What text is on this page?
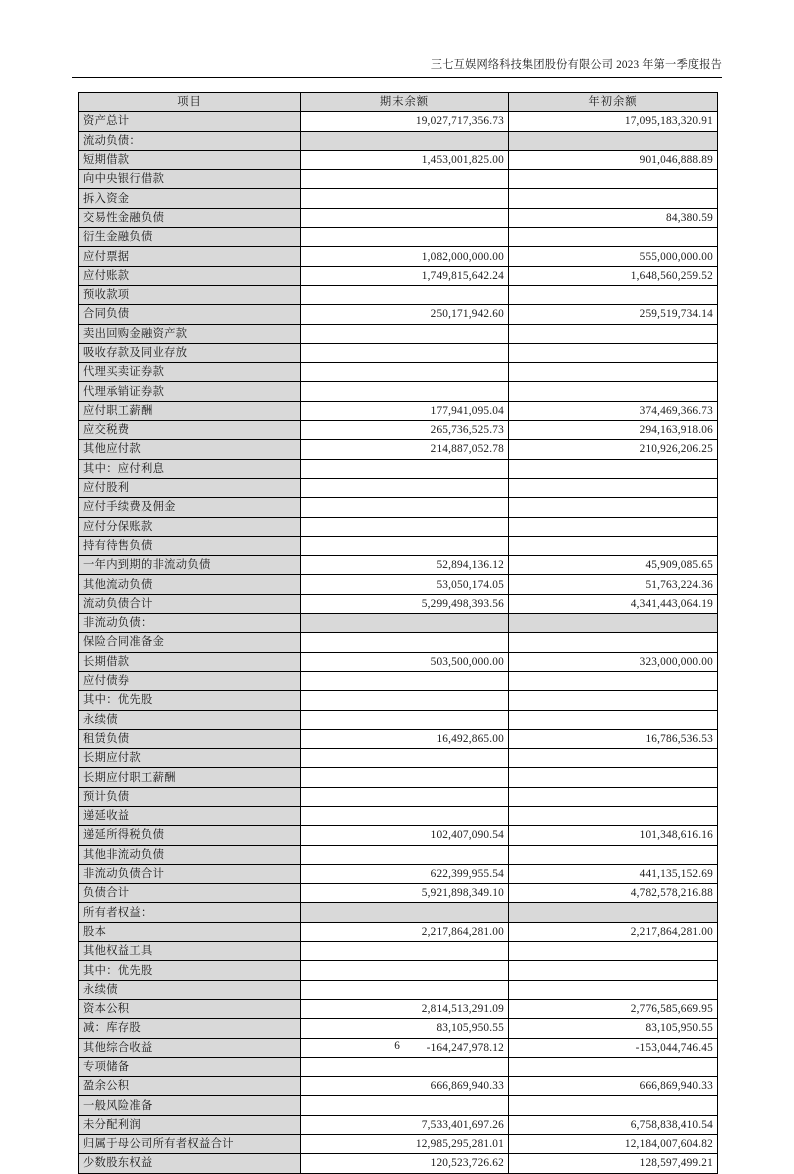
三七互娱网络科技集团股份有限公司 2023 年第一季度报告
项目	期末余额	年初余额
资产总计	19,027,717,356.73	17,095,183,320.91
流动负债：		
短期借款	1,453,001,825.00	901,046,888.89
向中央银行借款		
拆入资金		
交易性金融负债		84,380.59
衍生金融负债		
应付票据	1,082,000,000.00	555,000,000.00
应付账款	1,749,815,642.24	1,648,560,259.52
预收款项		
合同负债	250,171,942.60	259,519,734.14
卖出回购金融资产款		
吸收存款及同业存放		
代理买卖证券款		
代理承销证券款		
应付职工薪酬	177,941,095.04	374,469,366.73
应交税费	265,736,525.73	294,163,918.06
其他应付款	214,887,052.78	210,926,206.25
其中：应付利息		
应付股利		
应付手续费及佣金		
应付分保账款		
持有待售负债		
一年内到期的非流动负债	52,894,136.12	45,909,085.65
其他流动负债	53,050,174.05	51,763,224.36
流动负债合计	5,299,498,393.56	4,341,443,064.19
非流动负债：		
保险合同准备金		
长期借款	503,500,000.00	323,000,000.00
应付债券		
其中：优先股		
永续债		
租赁负债	16,492,865.00	16,786,536.53
长期应付款		
长期应付职工薪酬		
预计负债		
递延收益		
递延所得税负债	102,407,090.54	101,348,616.16
其他非流动负债		
非流动负债合计	622,399,955.54	441,135,152.69
负债合计	5,921,898,349.10	4,782,578,216.88
所有者权益：		
股本	2,217,864,281.00	2,217,864,281.00
其他权益工具		
其中：优先股		
永续债		
资本公积	2,814,513,291.09	2,776,585,669.95
减：库存股	83,105,950.55	83,105,950.55
其他综合收益	-164,247,978.12	-153,044,746.45
专项储备		
盈余公积	666,869,940.33	666,869,940.33
一般风险准备		
未分配利润	7,533,401,697.26	6,758,838,410.54
归属于母公司所有者权益合计	12,985,295,281.01	12,184,007,604.82
少数股东权益	120,523,726.62	128,597,499.21
6
